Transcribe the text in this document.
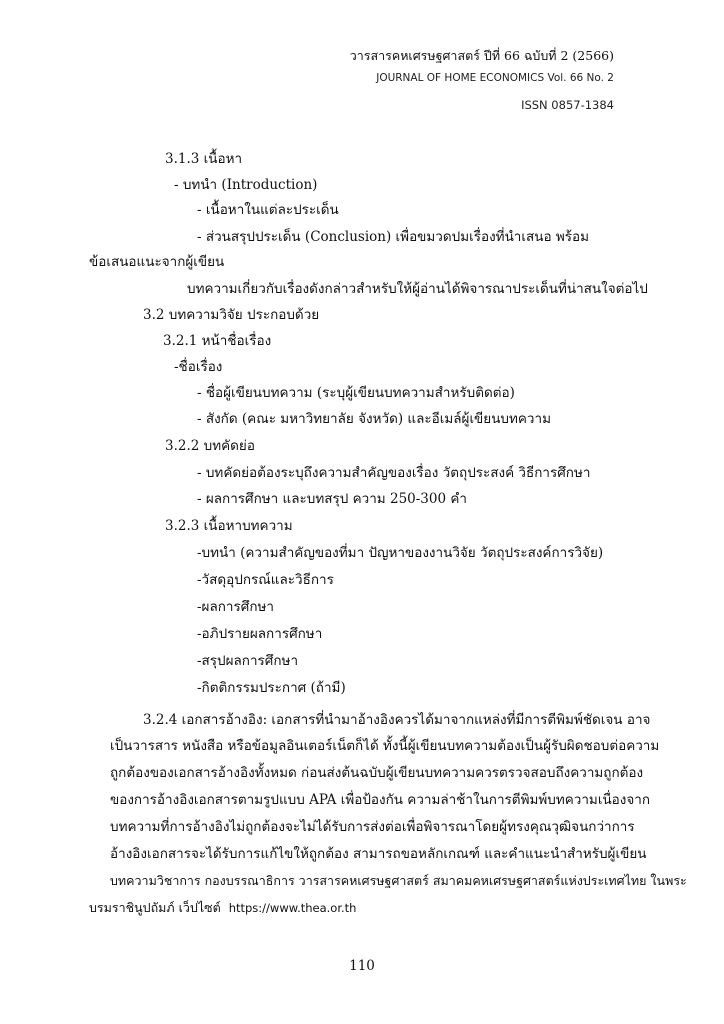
วารสารคหเศรษฐศาสตร์ ปีที่ 66 ฉบับที่ 2 (2566)
JOURNAL OF HOME ECONOMICS Vol. 66 No. 2
ISSN 0857-1384
3.1.3 เนื้อหา
- บทนำ (Introduction)
- เนื้อหาในแต่ละประเด็น
- ส่วนสรุปประเด็น (Conclusion) เพื่อขมวดปมเรื่องที่นำเสนอ พร้อม
ข้อเสนอแนะจากผู้เขียน
บทความเกี่ยวกับเรื่องดังกล่าวสำหรับให้ผู้อ่านได้พิจารณาประเด็นที่น่าสนใจต่อไป
3.2 บทความวิจัย ประกอบด้วย
3.2.1 หน้าชื่อเรื่อง
-ชื่อเรื่อง
- ชื่อผู้เขียนบทความ (ระบุผู้เขียนบทความสำหรับติดต่อ)
- สังกัด (คณะ มหาวิทยาลัย จังหวัด) และอีเมล์ผู้เขียนบทความ
3.2.2 บทคัดย่อ
- บทคัดย่อต้องระบุถึงความสำคัญของเรื่อง วัตถุประสงค์ วิธีการศึกษา
- ผลการศึกษา และบทสรุป ความ 250-300 คำ
3.2.3 เนื้อหาบทความ
-บทนำ (ความสำคัญของที่มา ปัญหาของงานวิจัย วัตถุประสงค์การวิจัย)
-วัสดุอุปกรณ์และวิธีการ
-ผลการศึกษา
-อภิปรายผลการศึกษา
-สรุปผลการศึกษา
-กิตติกรรมประกาศ (ถ้ามี)
3.2.4 เอกสารอ้างอิง: เอกสารที่นำมาอ้างอิงควรได้มาจากแหล่งที่มีการตีพิมพ์ชัดเจน อาจ
เป็นวารสาร หนังสือ หรือข้อมูลอินเตอร์เน็ตก็ได้ ทั้งนี้ผู้เขียนบทความต้องเป็นผู้รับผิดชอบต่อความ
ถูกต้องของเอกสารอ้างอิงทั้งหมด ก่อนส่งต้นฉบับผู้เขียนบทความควรตรวจสอบถึงความถูกต้อง
ของการอ้างอิงเอกสารตามรูปแบบ APA เพื่อป้องกัน ความล่าช้าในการตีพิมพ์บทความเนื่องจาก
บทความที่การอ้างอิงไม่ถูกต้องจะไม่ได้รับการส่งต่อเพื่อพิจารณาโดยผู้ทรงคุณวุฒิจนกว่าการ
อ้างอิงเอกสารจะได้รับการแก้ไขให้ถูกต้อง สามารถขอหลักเกณฑ์ และคำแนะนำสำหรับผู้เขียน
บทความวิชาการ กองบรรณาธิการ วารสารคหเศรษฐศาสตร์ สมาคมคหเศรษฐศาสตร์แห่งประเทศไทย ในพระ
บรมราชินูปถัมภ์ เว็ปไซต์ https://www.thea.or.th
110
